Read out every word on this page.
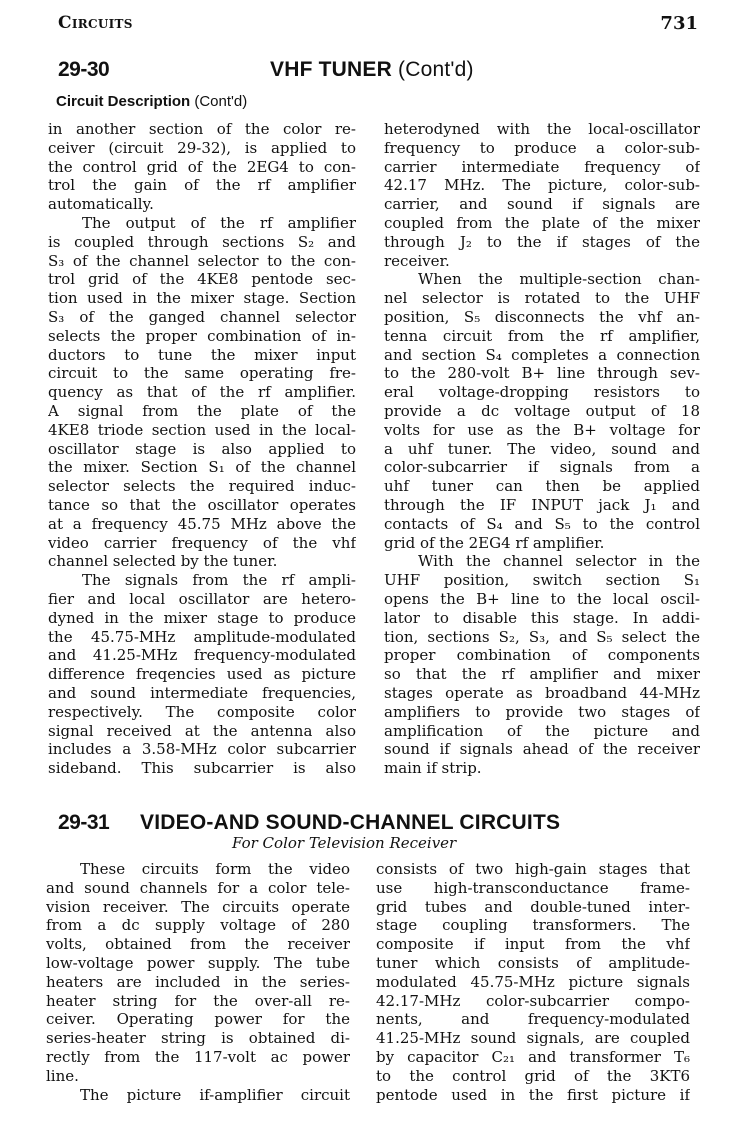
Circuits	731
29-30	VHF TUNER (Cont'd)
Circuit Description (Cont'd)
in another section of the color re-
ceiver (circuit 29-32), is applied to
the control grid of the 2EG4 to con-
trol the gain of the rf amplifier
automatically.
The output of the rf amplifier
is coupled through sections S₂ and
S₃ of the channel selector to the con-
trol grid of the 4KE8 pentode sec-
tion used in the mixer stage. Section
S₃ of the ganged channel selector
selects the proper combination of in-
ductors to tune the mixer input
circuit to the same operating fre-
quency as that of the rf amplifier.
A signal from the plate of the
4KE8 triode section used in the local-
oscillator stage is also applied to
the mixer. Section S₁ of the channel
selector selects the required induc-
tance so that the oscillator operates
at a frequency 45.75 MHz above the
video carrier frequency of the vhf
channel selected by the tuner.
The signals from the rf ampli-
fier and local oscillator are hetero-
dyned in the mixer stage to produce
the 45.75-MHz amplitude-modulated
and 41.25-MHz frequency-modulated
difference freqencies used as picture
and sound intermediate frequencies,
respectively. The composite color
signal received at the antenna also
includes a 3.58-MHz color subcarrier
sideband. This subcarrier is also
heterodyned with the local-oscillator
frequency to produce a color-sub-
carrier intermediate frequency of
42.17 MHz. The picture, color-sub-
carrier, and sound if signals are
coupled from the plate of the mixer
through J₂ to the if stages of the
receiver.
When the multiple-section chan-
nel selector is rotated to the UHF
position, S₅ disconnects the vhf an-
tenna circuit from the rf amplifier,
and section S₄ completes a connection
to the 280-volt B+ line through sev-
eral voltage-dropping resistors to
provide a dc voltage output of 18
volts for use as the B+ voltage for
a uhf tuner. The video, sound and
color-subcarrier if signals from a
uhf tuner can then be applied
through the IF INPUT jack J₁ and
contacts of S₄ and S₅ to the control
grid of the 2EG4 rf amplifier.
With the channel selector in the
UHF position, switch section S₁
opens the B+ line to the local oscil-
lator to disable this stage. In addi-
tion, sections S₂, S₃, and S₅ select the
proper combination of components
so that the rf amplifier and mixer
stages operate as broadband 44-MHz
amplifiers to provide two stages of
amplification of the picture and
sound if signals ahead of the receiver
main if strip.
29-31 VIDEO-AND SOUND-CHANNEL CIRCUITS
For Color Television Receiver
These circuits form the video
and sound channels for a color tele-
vision receiver. The circuits operate
from a dc supply voltage of 280
volts, obtained from the receiver
low-voltage power supply. The tube
heaters are included in the series-
heater string for the over-all re-
ceiver. Operating power for the
series-heater string is obtained di-
rectly from the 117-volt ac power
line.
The picture if-amplifier circuit
consists of two high-gain stages that
use high-transconductance frame-
grid tubes and double-tuned inter-
stage coupling transformers. The
composite if input from the vhf
tuner which consists of amplitude-
modulated 45.75-MHz picture signals
42.17-MHz color-subcarrier compo-
nents, and frequency-modulated
41.25-MHz sound signals, are coupled
by capacitor C₂₁ and transformer T₆
to the control grid of the 3KT6
pentode used in the first picture if
